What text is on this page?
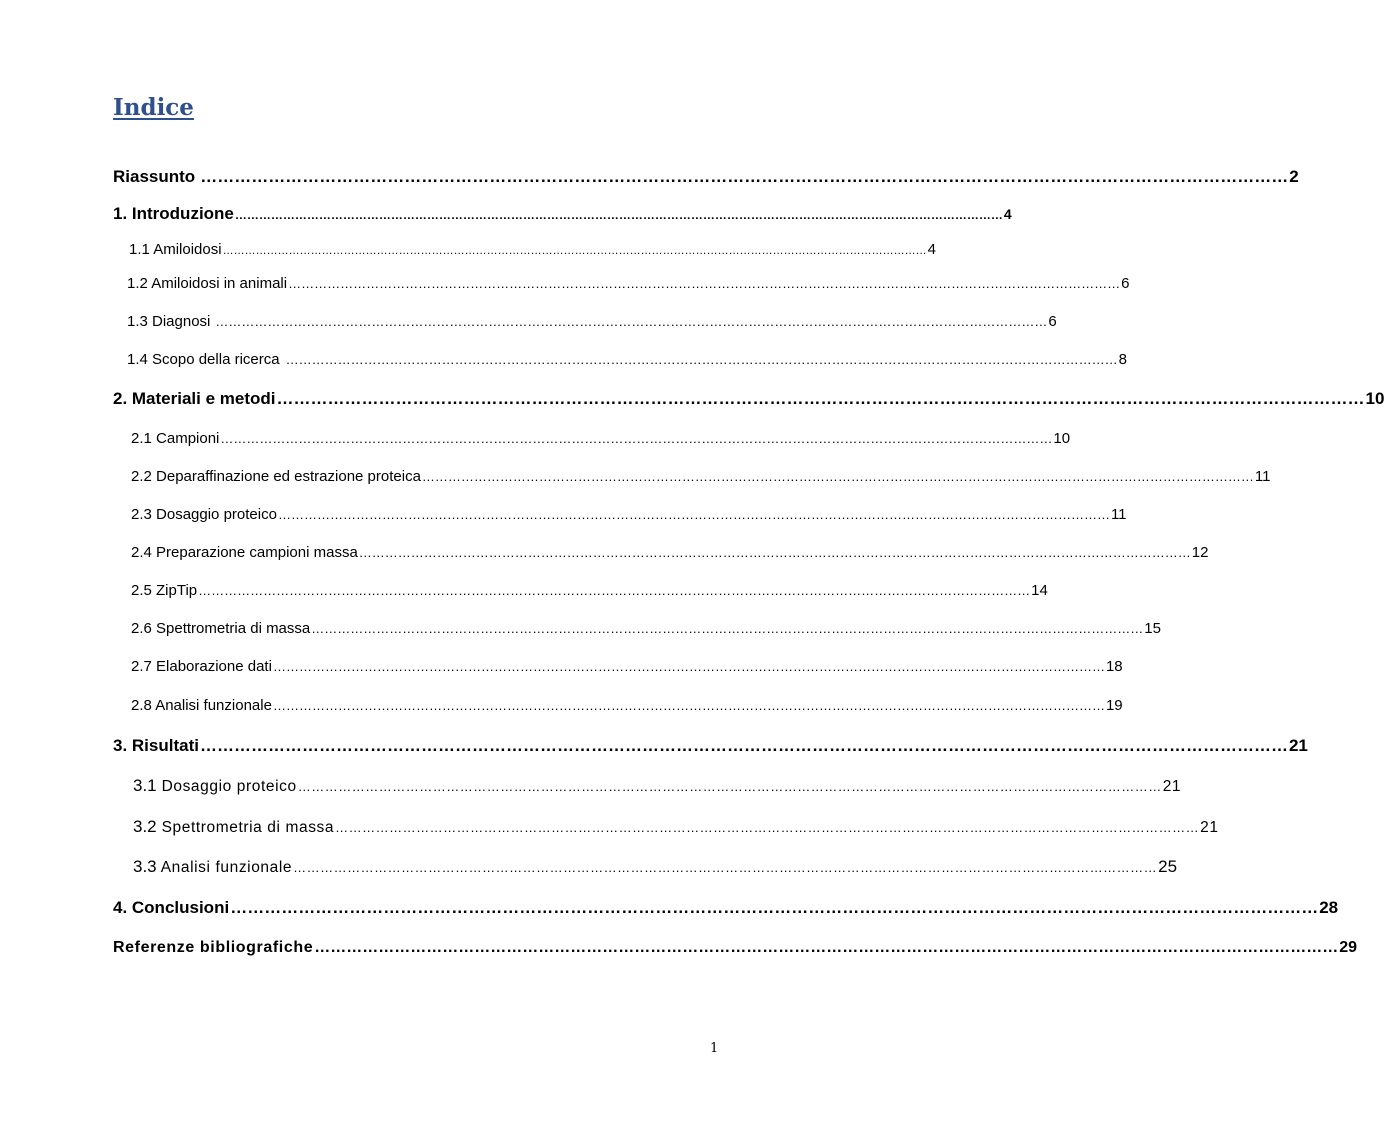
Indice
Riassunto ………………………………………………………………………………………………………………………………………………………………………… 2
1. Introduzione ………………………………………………………………………………………………………………………………………………………………………… 4
1.1 Amiloidosi ………………………………………………………………………………………………………………………………………………………………………… 4
1.2 Amiloidosi in animali ………………………………………………………………………………………………………………………………………………………………………… 6
1.3 Diagnosi ………………………………………………………………………………………………………………………………………………………………………… 6
1.4 Scopo della ricerca ………………………………………………………………………………………………………………………………………………………………………… 8
2. Materiali e metodi ………………………………………………………………………………………………………………………………………………………………………… 10
2.1 Campioni ………………………………………………………………………………………………………………………………………………………………………… 10
2.2 Deparaffinazione ed estrazione proteica ………………………………………………………………………………………………………………………………………………………………………… 11
2.3 Dosaggio proteico ………………………………………………………………………………………………………………………………………………………………………… 11
2.4 Preparazione campioni massa ………………………………………………………………………………………………………………………………………………………………………… 12
2.5 ZipTip ………………………………………………………………………………………………………………………………………………………………………… 14
2.6 Spettrometria di massa ………………………………………………………………………………………………………………………………………………………………………… 15
2.7 Elaborazione dati ………………………………………………………………………………………………………………………………………………………………………… 18
2.8 Analisi funzionale ………………………………………………………………………………………………………………………………………………………………………… 19
3. Risultati ………………………………………………………………………………………………………………………………………………………………………… 21
3.1 Dosaggio proteico ………………………………………………………………………………………………………………………………………………………………………… 21
3.2 Spettrometria di massa ………………………………………………………………………………………………………………………………………………………………………… 21
3.3 Analisi funzionale ………………………………………………………………………………………………………………………………………………………………………… 25
4. Conclusioni ………………………………………………………………………………………………………………………………………………………………………… 28
Referenze bibliografiche ………………………………………………………………………………………………………………………………………………………………………… 29
1
